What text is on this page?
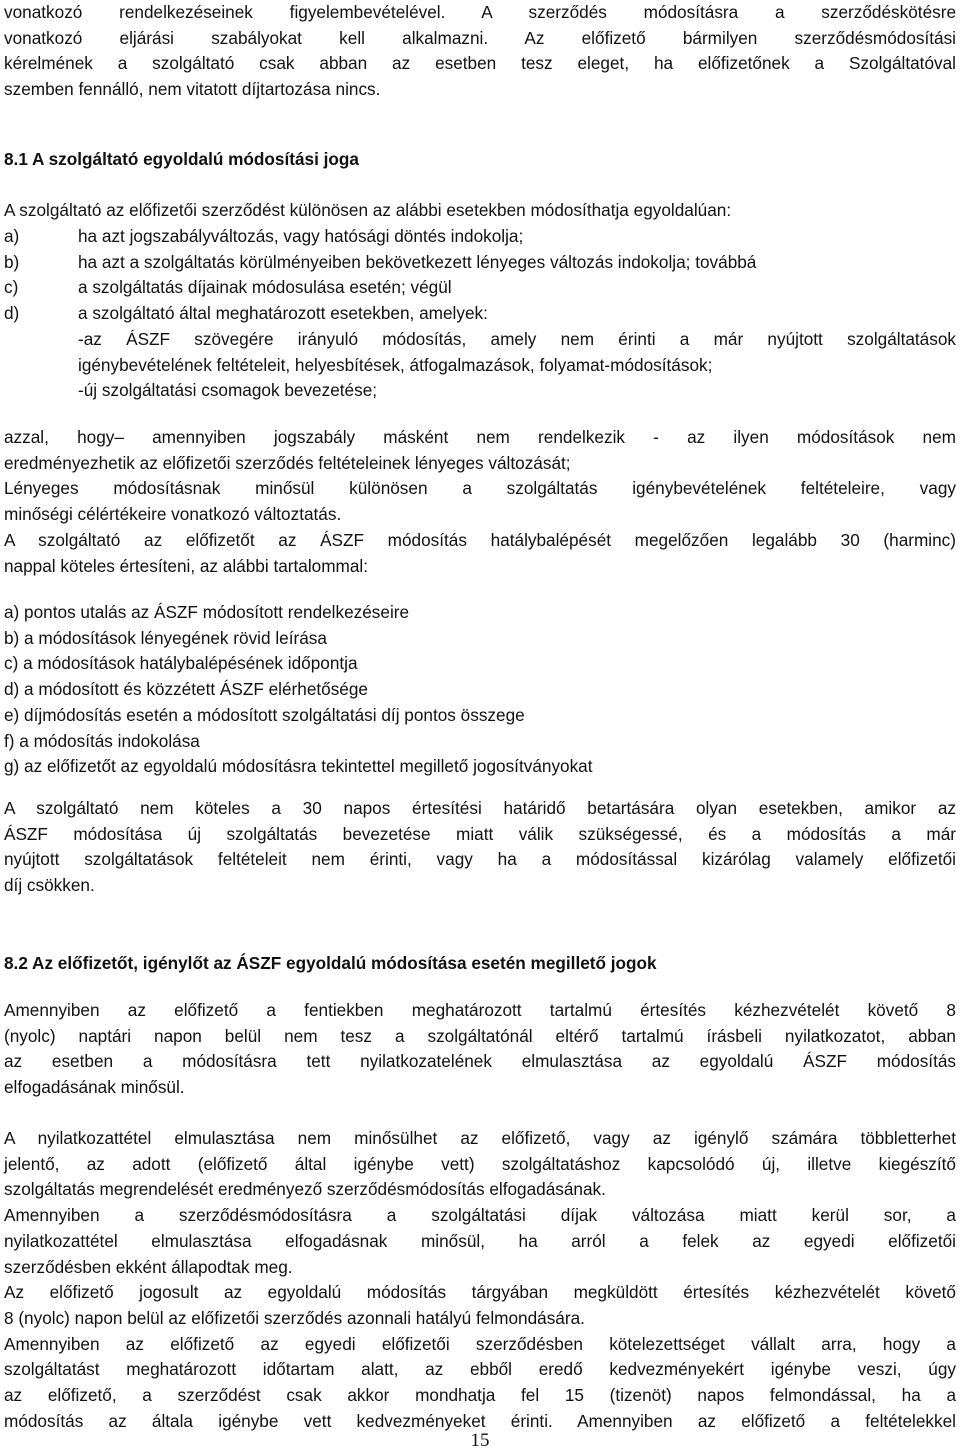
vonatkozó rendelkezéseinek figyelembevételével. A szerződés módosításra a szerződéskötésre

vonatkozó eljárási szabályokat kell alkalmazni. Az előfizető bármilyen szerződésmódosítási

kérelmének a szolgáltató csak abban az esetben tesz eleget, ha előfizetőnek a Szolgáltatóval

szemben fennálló, nem vitatott díjtartozása nincs.

8.1 A szolgáltató egyoldalú módosítási joga

A szolgáltató az előfizetői szerződést különösen az alábbi esetekben módosíthatja egyoldalúan:

a)	ha azt jogszabályváltozás, vagy hatósági döntés indokolja;
b)	ha azt a szolgáltatás körülményeiben bekövetkezett lényeges változás indokolja; továbbá
c)	a szolgáltatás díjainak módosulása esetén; végül
d)	a szolgáltató által meghatározott esetekben, amelyek:

-az ÁSZF szövegére irányuló módosítás, amely nem érinti a már nyújtott szolgáltatások

igénybevételének feltételeit, helyesbítések, átfogalmazások, folyamat-módosítások;

-új szolgáltatási csomagok bevezetése;

azzal, hogy– amennyiben jogszabály másként nem rendelkezik - az ilyen módosítások nem

eredményezhetik az előfizetői szerződés feltételeinek lényeges változását;

Lényeges módosításnak minősül különösen a szolgáltatás igénybevételének feltételeire, vagy

minőségi célértékeire vonatkozó változtatás.

A szolgáltató az előfizetőt az ÁSZF módosítás hatálybalépését megelőzően legalább 30 (harminc)

nappal köteles értesíteni, az alábbi tartalommal:

a) pontos utalás az ÁSZF módosított rendelkezéseire

b) a módosítások lényegének rövid leírása

c) a módosítások hatálybalépésének időpontja

d) a módosított és közzétett ÁSZF elérhetősége

e) díjmódosítás esetén a módosított szolgáltatási díj pontos összege

f) a módosítás indokolása

g) az előfizetőt az egyoldalú módosításra tekintettel megillető jogosítványokat

A szolgáltató nem köteles a 30 napos értesítési határidő betartására olyan esetekben, amikor az

ÁSZF módosítása új szolgáltatás bevezetése miatt válik szükségessé, és a módosítás a már

nyújtott szolgáltatások feltételeit nem érinti, vagy ha a módosítással kizárólag valamely előfizetői

díj csökken.

8.2 Az előfizetőt, igénylőt az ÁSZF egyoldalú módosítása esetén megillető jogok

Amennyiben az előfizető a fentiekben meghatározott tartalmú értesítés kézhezvételét követő 8

(nyolc) naptári napon belül nem tesz a szolgáltatónál eltérő tartalmú írásbeli nyilatkozatot, abban

az esetben a módosításra tett nyilatkozatelének elmulasztása az egyoldalú ÁSZF módosítás

elfogadásának minősül.

A nyilatkozattétel elmulasztása nem minősülhet az előfizető, vagy az igénylő számára többletterhet

jelentő, az adott (előfizető által igénybe vett) szolgáltatáshoz kapcsolódó új, illetve kiegészítő

szolgáltatás megrendelését eredményező szerződésmódosítás elfogadásának.

Amennyiben a szerződésmódosításra a szolgáltatási díjak változása miatt kerül sor, a

nyilatkozattétel elmulasztása elfogadásnak minősül, ha arról a felek az egyedi előfizetői

szerződésben ekként állapodtak meg.

Az előfizető jogosult az egyoldalú módosítás tárgyában megküldött értesítés kézhezvételét követő

8 (nyolc) napon belül az előfizetői szerződés azonnali hatályú felmondására.

Amennyiben az előfizető az egyedi előfizetői szerződésben kötelezettséget vállalt arra, hogy a

szolgáltatást meghatározott időtartam alatt, az ebből eredő kedvezményekért igénybe veszi, úgy

az előfizető, a szerződést csak akkor mondhatja fel 15 (tizenöt) napos felmondással, ha a

módosítás az általa igénybe vett kedvezményeket érinti. Amennyiben az előfizető a feltételekkel

15
